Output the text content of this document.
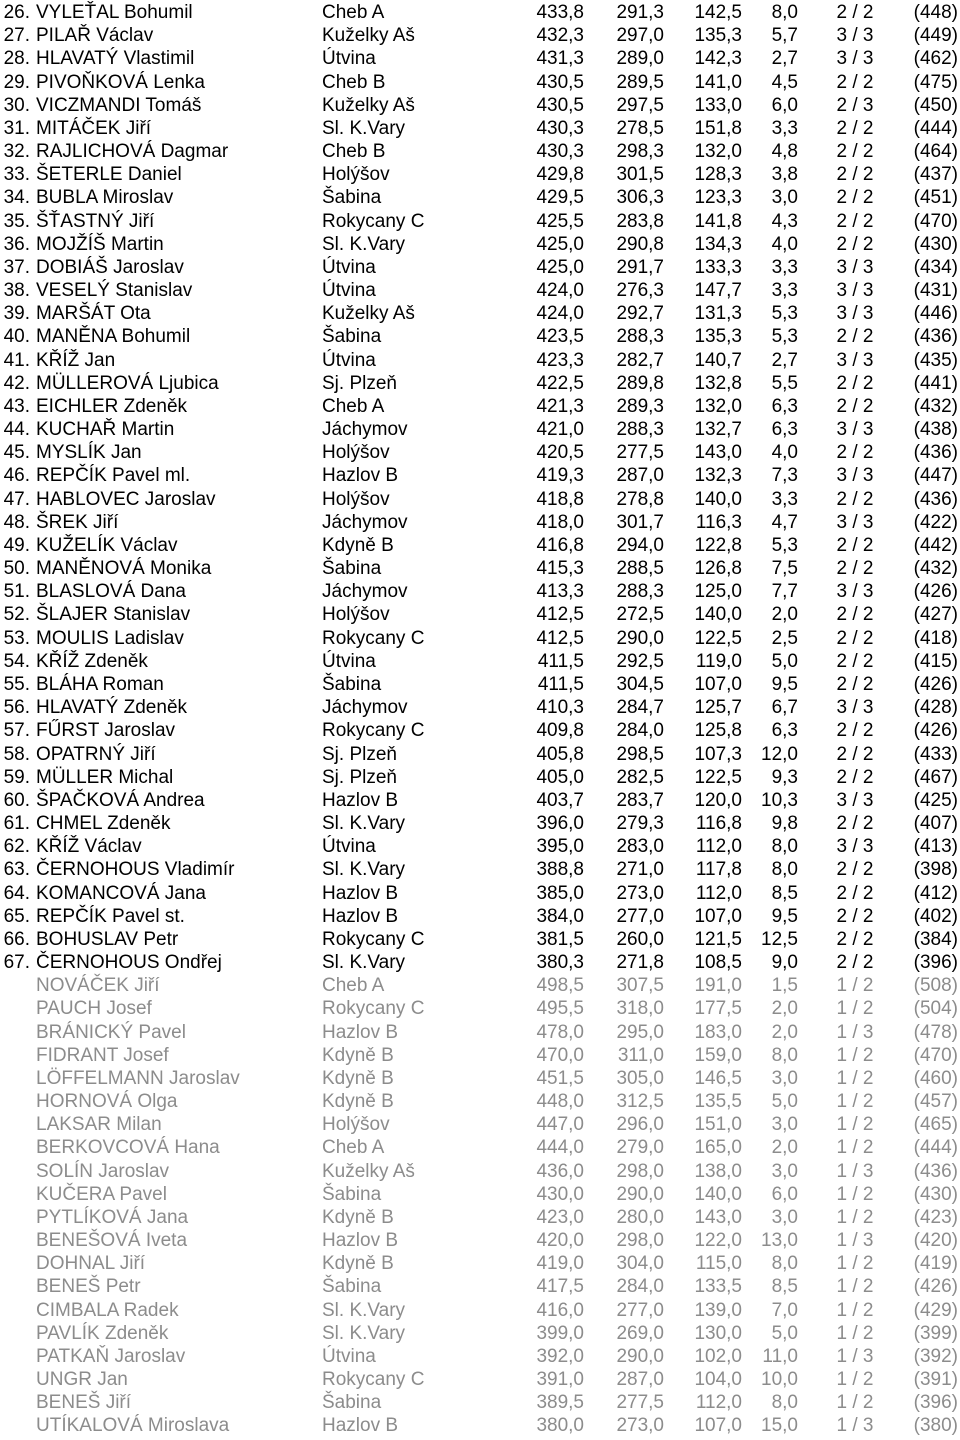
26. VYLEŤAL Bohumil	Cheb A	433,8	291,3	142,5	8,0	2 / 2	(448)
27. PILAŘ Václav	Kuželky Aš	432,3	297,0	135,3	5,7	3 / 3	(449)
28. HLAVATÝ Vlastimil	Útvina	431,3	289,0	142,3	2,7	3 / 3	(462)
29. PIVOŇKOVÁ Lenka	Cheb B	430,5	289,5	141,0	4,5	2 / 2	(475)
30. VICZMANDI Tomáš	Kuželky Aš	430,5	297,5	133,0	6,0	2 / 3	(450)
31. MITÁČEK Jiří	Sl. K.Vary	430,3	278,5	151,8	3,3	2 / 2	(444)
32. RAJLICHOVÁ Dagmar	Cheb B	430,3	298,3	132,0	4,8	2 / 2	(464)
33. ŠETERLE Daniel	Holýšov	429,8	301,5	128,3	3,8	2 / 2	(437)
34. BUBLA Miroslav	Šabina	429,5	306,3	123,3	3,0	2 / 2	(451)
35. ŠŤASTNÝ Jiří	Rokycany C	425,5	283,8	141,8	4,3	2 / 2	(470)
36. MOJŽÍŠ Martin	Sl. K.Vary	425,0	290,8	134,3	4,0	2 / 2	(430)
37. DOBIÁŠ Jaroslav	Útvina	425,0	291,7	133,3	3,3	3 / 3	(434)
38. VESELÝ Stanislav	Útvina	424,0	276,3	147,7	3,3	3 / 3	(431)
39. MARŠÁT Ota	Kuželky Aš	424,0	292,7	131,3	5,3	3 / 3	(446)
40. MANĚNA Bohumil	Šabina	423,5	288,3	135,3	5,3	2 / 2	(436)
41. KŘÍŽ Jan	Útvina	423,3	282,7	140,7	2,7	3 / 3	(435)
42. MÜLLEROVÁ Ljubica	Sj. Plzeň	422,5	289,8	132,8	5,5	2 / 2	(441)
43. EICHLER Zdeněk	Cheb A	421,3	289,3	132,0	6,3	2 / 2	(432)
44. KUCHAŘ Martin	Jáchymov	421,0	288,3	132,7	6,3	3 / 3	(438)
45. MYSLÍK Jan	Holýšov	420,5	277,5	143,0	4,0	2 / 2	(436)
46. REPČÍK Pavel ml.	Hazlov B	419,3	287,0	132,3	7,3	3 / 3	(447)
47. HABLOVEC Jaroslav	Holýšov	418,8	278,8	140,0	3,3	2 / 2	(436)
48. ŠREK Jiří	Jáchymov	418,0	301,7	116,3	4,7	3 / 3	(422)
49. KUŽELÍK Václav	Kdyně B	416,8	294,0	122,8	5,3	2 / 2	(442)
50. MANĚNOVÁ Monika	Šabina	415,3	288,5	126,8	7,5	2 / 2	(432)
51. BLASLOVÁ Dana	Jáchymov	413,3	288,3	125,0	7,7	3 / 3	(426)
52. ŠLAJER Stanislav	Holýšov	412,5	272,5	140,0	2,0	2 / 2	(427)
53. MOULIS Ladislav	Rokycany C	412,5	290,0	122,5	2,5	2 / 2	(418)
54. KŘÍŽ Zdeněk	Útvina	411,5	292,5	119,0	5,0	2 / 2	(415)
55. BLÁHA Roman	Šabina	411,5	304,5	107,0	9,5	2 / 2	(426)
56. HLAVATÝ Zdeněk	Jáchymov	410,3	284,7	125,7	6,7	3 / 3	(428)
57. FŰRST Jaroslav	Rokycany C	409,8	284,0	125,8	6,3	2 / 2	(426)
58. OPATRNÝ Jiří	Sj. Plzeň	405,8	298,5	107,3	12,0	2 / 2	(433)
59. MÜLLER Michal	Sj. Plzeň	405,0	282,5	122,5	9,3	2 / 2	(467)
60. ŠPAČKOVÁ Andrea	Hazlov B	403,7	283,7	120,0	10,3	3 / 3	(425)
61. CHMEL Zdeněk	Sl. K.Vary	396,0	279,3	116,8	9,8	2 / 2	(407)
62. KŘÍŽ Václav	Útvina	395,0	283,0	112,0	8,0	3 / 3	(413)
63. ČERNOHOUS Vladimír	Sl. K.Vary	388,8	271,0	117,8	8,0	2 / 2	(398)
64. KOMANCOVÁ Jana	Hazlov B	385,0	273,0	112,0	8,5	2 / 2	(412)
65. REPČÍK Pavel st.	Hazlov B	384,0	277,0	107,0	9,5	2 / 2	(402)
66. BOHUSLAV Petr	Rokycany C	381,5	260,0	121,5	12,5	2 / 2	(384)
67. ČERNOHOUS Ondřej	Sl. K.Vary	380,3	271,8	108,5	9,0	2 / 2	(396)
NOVÁČEK Jiří	Cheb A	498,5	307,5	191,0	1,5	1 / 2	(508)
PAUCH Josef	Rokycany C	495,5	318,0	177,5	2,0	1 / 2	(504)
BRÁNICKÝ Pavel	Hazlov B	478,0	295,0	183,0	2,0	1 / 3	(478)
FIDRANT Josef	Kdyně B	470,0	311,0	159,0	8,0	1 / 2	(470)
LÖFFELMANN Jaroslav	Kdyně B	451,5	305,0	146,5	3,0	1 / 2	(460)
HORNOVÁ Olga	Kdyně B	448,0	312,5	135,5	5,0	1 / 2	(457)
LAKSAR Milan	Holýšov	447,0	296,0	151,0	3,0	1 / 2	(465)
BERKOVCOVÁ Hana	Cheb A	444,0	279,0	165,0	2,0	1 / 2	(444)
SOLÍN Jaroslav	Kuželky Aš	436,0	298,0	138,0	3,0	1 / 3	(436)
KUČERA Pavel	Šabina	430,0	290,0	140,0	6,0	1 / 2	(430)
PYTLÍKOVÁ Jana	Kdyně B	423,0	280,0	143,0	3,0	1 / 2	(423)
BENEŠOVÁ Iveta	Hazlov B	420,0	298,0	122,0	13,0	1 / 3	(420)
DOHNAL Jiří	Kdyně B	419,0	304,0	115,0	8,0	1 / 2	(419)
BENEŠ Petr	Šabina	417,5	284,0	133,5	8,5	1 / 2	(426)
CIMBALA Radek	Sl. K.Vary	416,0	277,0	139,0	7,0	1 / 2	(429)
PAVLÍK Zdeněk	Sl. K.Vary	399,0	269,0	130,0	5,0	1 / 2	(399)
PATKAŇ Jaroslav	Útvina	392,0	290,0	102,0	11,0	1 / 3	(392)
UNGR Jan	Rokycany C	391,0	287,0	104,0	10,0	1 / 2	(391)
BENEŠ Jiří	Šabina	389,5	277,5	112,0	8,0	1 / 2	(396)
UTÍKALOVÁ Miroslava	Hazlov B	380,0	273,0	107,0	15,0	1 / 3	(380)
